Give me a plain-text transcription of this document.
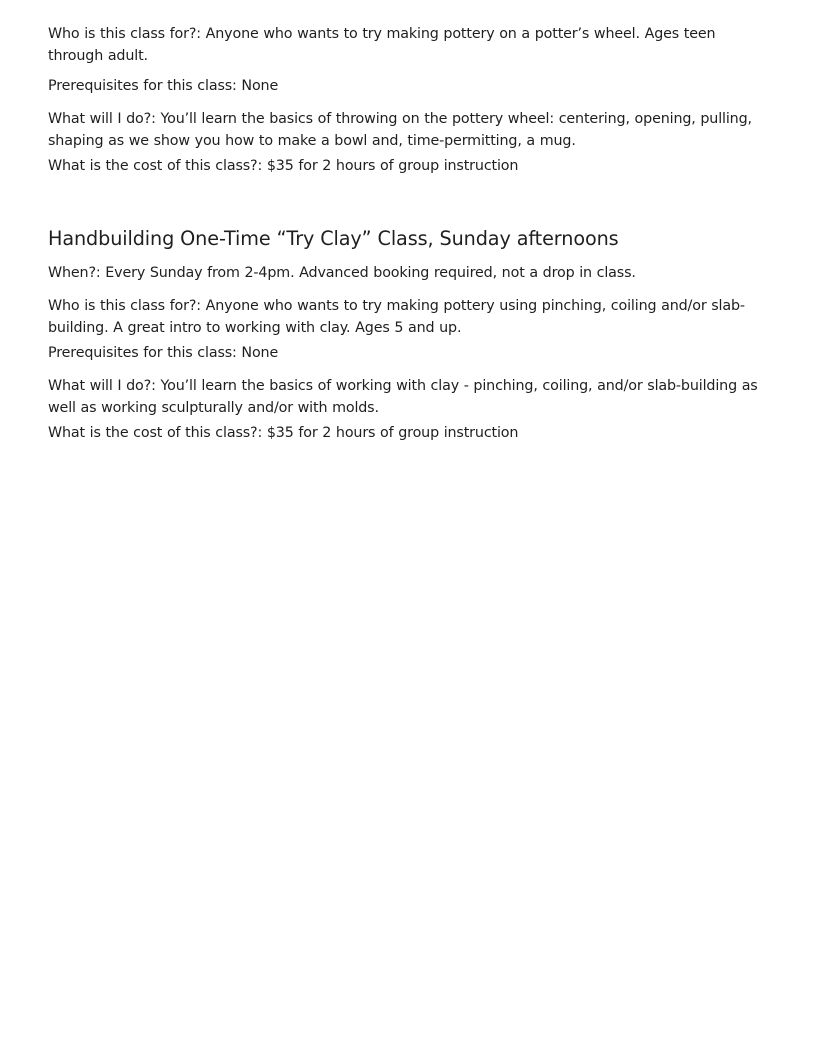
Who is this class for?: Anyone who wants to try making pottery on a potter’s wheel. Ages teen through adult.

Prerequisites for this class: None

What will I do?: You’ll learn the basics of throwing on the pottery wheel: centering, opening, pulling, shaping as we show you how to make a bowl and, time-permitting, a mug.

What is the cost of this class?: $35 for 2 hours of group instruction

Handbuilding One-Time “Try Clay” Class, Sunday afternoons

When?: Every Sunday from 2-4pm. Advanced booking required, not a drop in class.

Who is this class for?: Anyone who wants to try making pottery using pinching, coiling and/or slab-building. A great intro to working with clay. Ages 5 and up.

Prerequisites for this class: None

What will I do?: You’ll learn the basics of working with clay - pinching, coiling, and/or slab-building as well as working sculpturally and/or with molds.

What is the cost of this class?: $35 for 2 hours of group instruction
